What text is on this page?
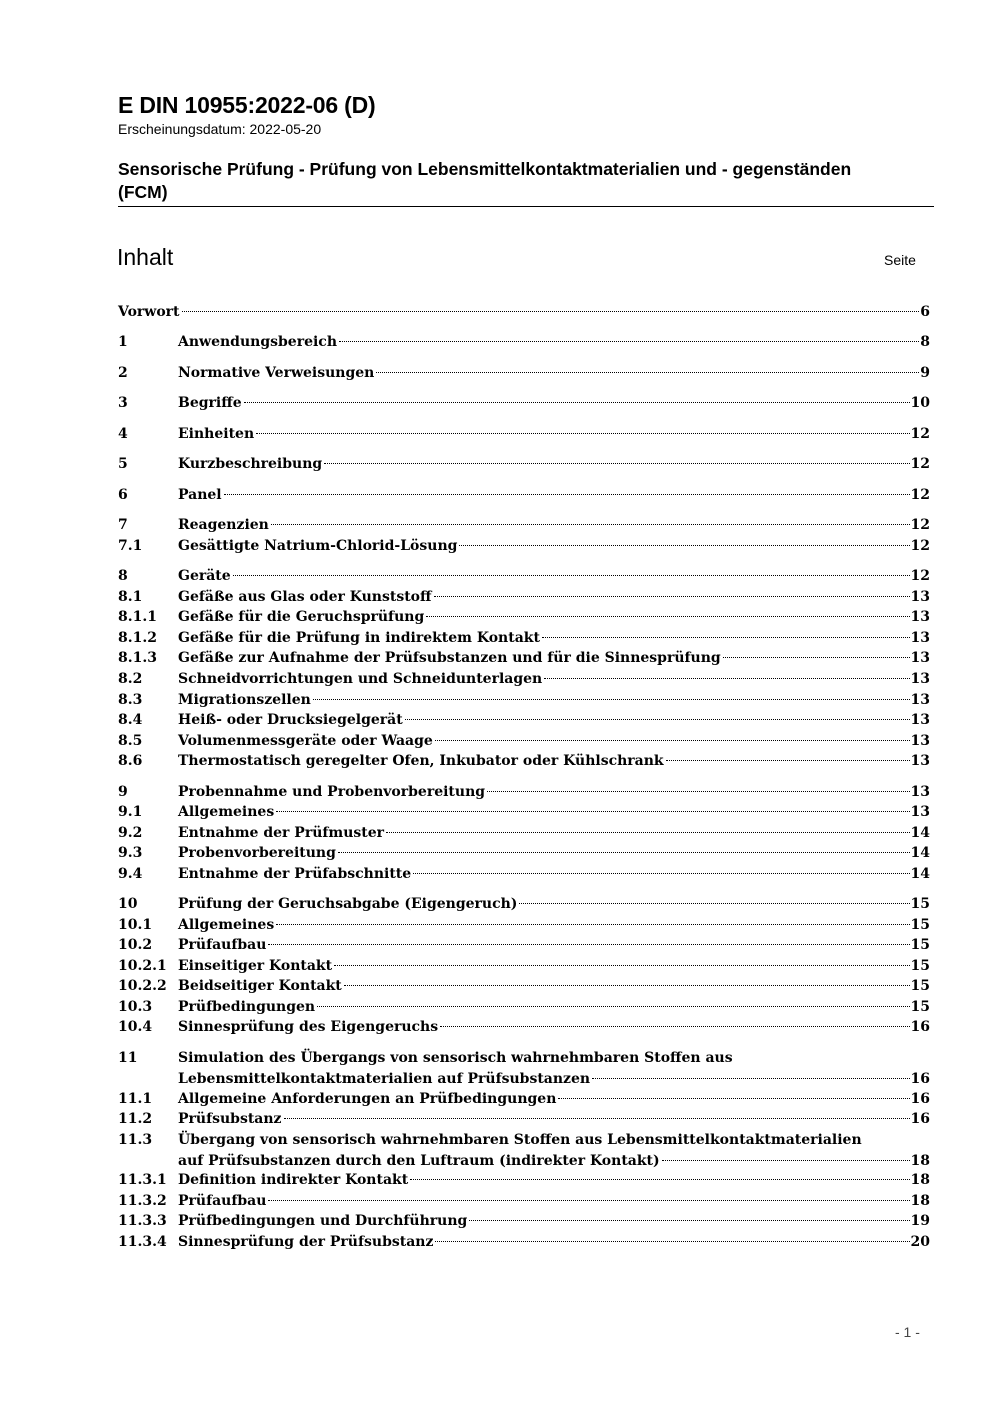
E DIN 10955:2022-06 (D)
Erscheinungsdatum: 2022-05-20
Sensorische Prüfung - Prüfung von Lebensmittelkontaktmaterialien und - gegenständen (FCM)
Inhalt	Seite
Vorwort	6
1	Anwendungsbereich	8
2	Normative Verweisungen	9
3	Begriffe	10
4	Einheiten	12
5	Kurzbeschreibung	12
6	Panel	12
7	Reagenzien	12
7.1	Gesättigte Natrium-Chlorid-Lösung	12
8	Geräte	12
8.1	Gefäße aus Glas oder Kunststoff	13
8.1.1 Gefäße für die Geruchsprüfung	13
8.1.2 Gefäße für die Prüfung in indirektem Kontakt	13
8.1.3 Gefäße zur Aufnahme der Prüfsubstanzen und für die Sinnesprüfung	13
8.2	Schneidvorrichtungen und Schneidunterlagen	13
8.3	Migrationszellen	13
8.4	Heiß- oder Drucksiegelgerät	13
8.5	Volumenmessgeräte oder Waage	13
8.6	Thermostatisch geregelter Ofen, Inkubator oder Kühlschrank	13
9	Probennahme und Probenvorbereitung	13
9.1	Allgemeines	13
9.2	Entnahme der Prüfmuster	14
9.3	Probenvorbereitung	14
9.4	Entnahme der Prüfabschnitte	14
10	Prüfung der Geruchsabgabe (Eigengeruch)	15
10.1 Allgemeines	15
10.2 Prüfaufbau	15
10.2.1 Einseitiger Kontakt	15
10.2.2 Beidseitiger Kontakt	15
10.3 Prüfbedingungen	15
10.4 Sinnesprüfung des Eigengeruchs	16
11	Simulation des Übergangs von sensorisch wahrnehmbaren Stoffen aus
Lebensmittelkontaktmaterialien auf Prüfsubstanzen	16
11.1 Allgemeine Anforderungen an Prüfbedingungen	16
11.2 Prüfsubstanz	16
11.3 Übergang von sensorisch wahrnehmbaren Stoffen aus Lebensmittelkontaktmaterialien
auf Prüfsubstanzen durch den Luftraum (indirekter Kontakt)	18
11.3.1 Definition indirekter Kontakt	18
11.3.2 Prüfaufbau	18
11.3.3 Prüfbedingungen und Durchführung	19
11.3.4 Sinnesprüfung der Prüfsubstanz	20
- 1 -
